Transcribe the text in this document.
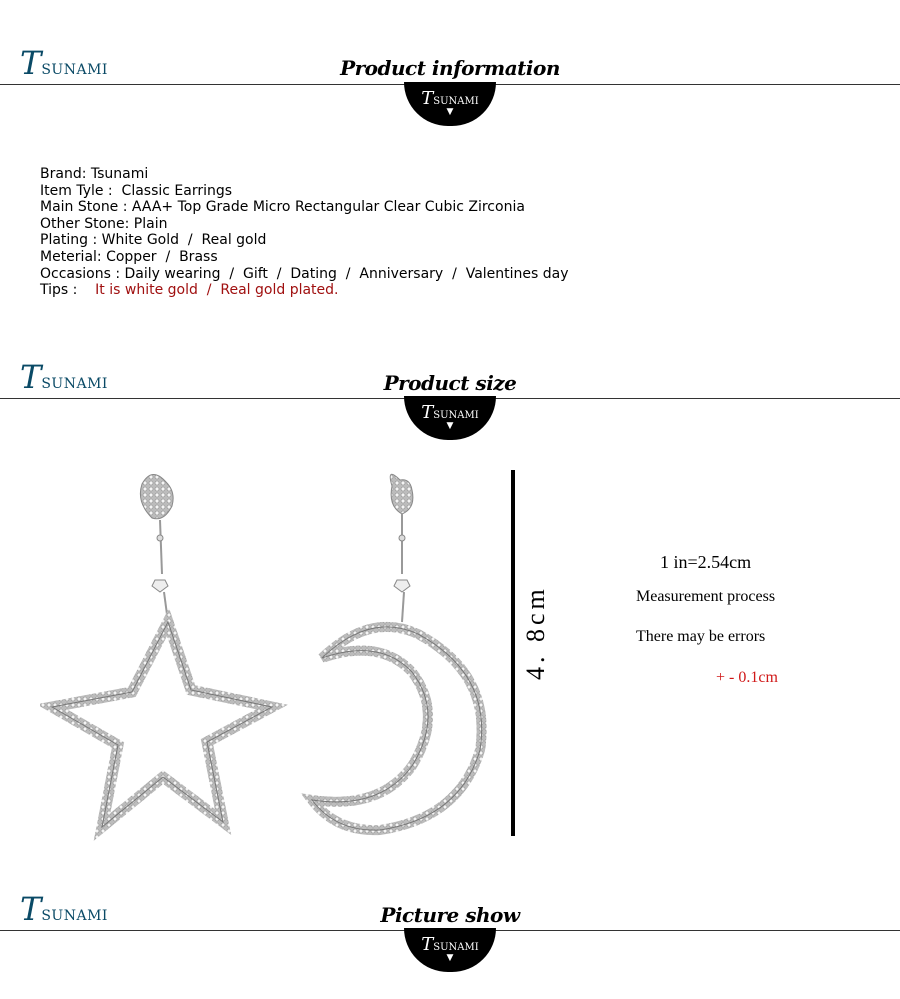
TSUNAMI	Product information
TSUNAMI
▼
Brand: Tsunami
Item Tyle :  Classic Earrings
Main Stone : AAA+ Top Grade Micro Rectangular Clear Cubic Zirconia
Other Stone: Plain
Plating : White Gold  /  Real gold
Meterial: Copper  /  Brass
Occasions : Daily wearing  /  Gift  /  Dating  /  Anniversary  /  Valentines day
Tips :    It is white gold  /  Real gold plated.
TSUNAMI	Product size
TSUNAMI
▼
4. 8cm
1 in=2.54cm
Measurement process
There may be errors
+ - 0.1cm
TSUNAMI	Picture show
TSUNAMI
▼
